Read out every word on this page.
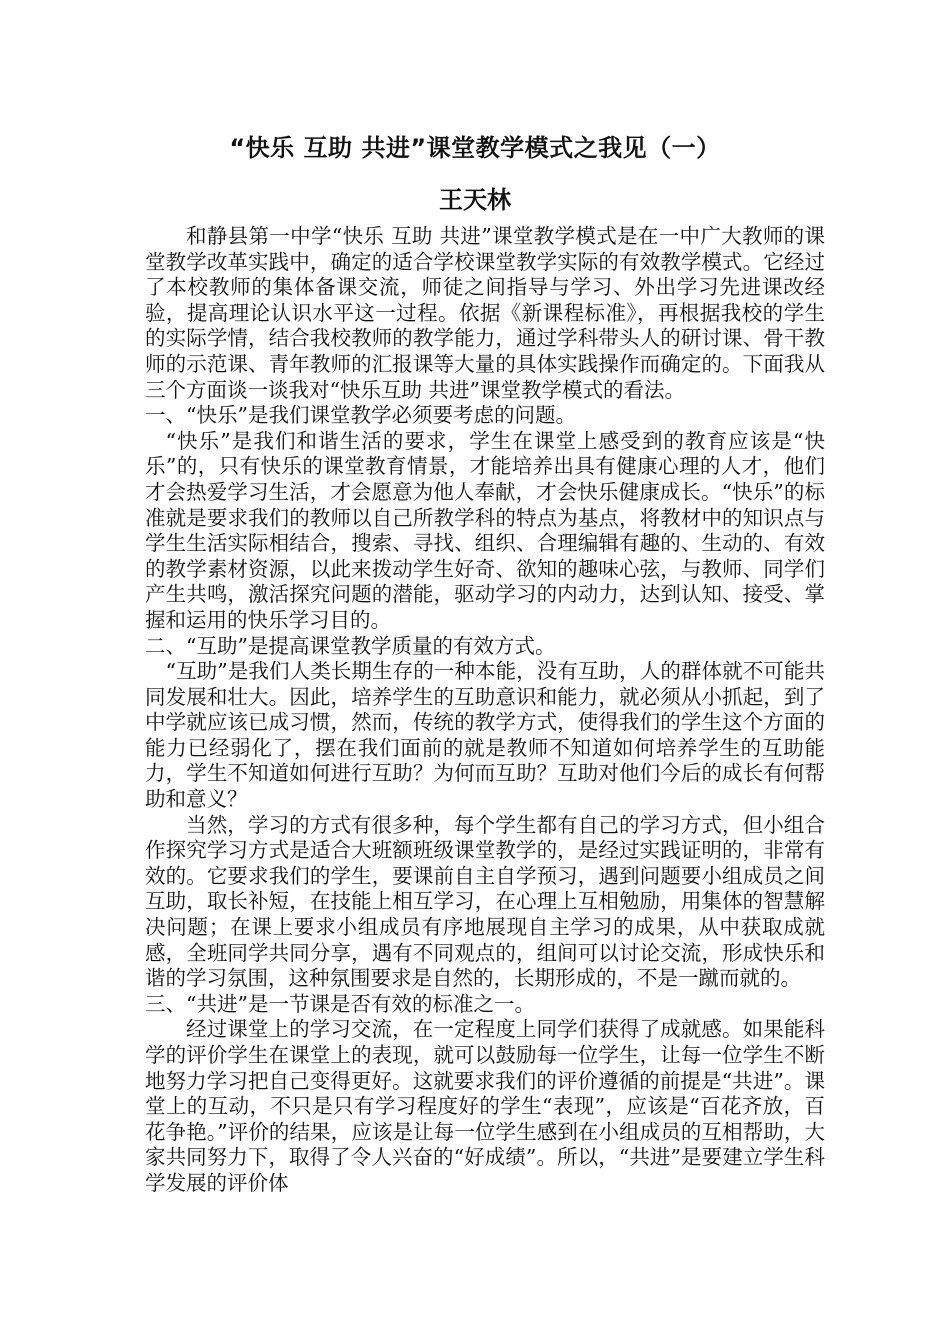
“快乐 互助 共进”课堂教学模式之我见（一）
王天林

和静县第一中学“快乐 互助 共进”课堂教学模式是在一中广大教师的课堂教学改革实践中，确定的适合学校课堂教学实际的有效教学模式。它经过了本校教师的集体备课交流，师徒之间指导与学习、外出学习先进课改经验，提高理论认识水平这一过程。依据《新课程标准》，再根据我校的学生的实际学情，结合我校教师的教学能力，通过学科带头人的研讨课、骨干教师的示范课、青年教师的汇报课等大量的具体实践操作而确定的。下面我从三个方面谈一谈我对“快乐互助 共进”课堂教学模式的看法。

一、“快乐”是我们课堂教学必须要考虑的问题。

“快乐”是我们和谐生活的要求，学生在课堂上感受到的教育应该是“快乐”的，只有快乐的课堂教育情景，才能培养出具有健康心理的人才，他们才会热爱学习生活，才会愿意为他人奉献，才会快乐健康成长。“快乐”的标准就是要求我们的教师以自己所教学科的特点为基点，将教材中的知识点与学生生活实际相结合，搜索、寻找、组织、合理编辑有趣的、生动的、有效的教学素材资源，以此来拨动学生好奇、欲知的趣味心弦，与教师、同学们产生共鸣，激活探究问题的潜能，驱动学习的内动力，达到认知、接受、掌握和运用的快乐学习目的。

二、“互助”是提高课堂教学质量的有效方式。

“互助”是我们人类长期生存的一种本能，没有互助，人的群体就不可能共同发展和壮大。因此，培养学生的互助意识和能力，就必须从小抓起，到了中学就应该已成习惯，然而，传统的教学方式，使得我们的学生这个方面的能力已经弱化了，摆在我们面前的就是教师不知道如何培养学生的互助能力，学生不知道如何进行互助？为何而互助？互助对他们今后的成长有何帮助和意义？

当然，学习的方式有很多种，每个学生都有自己的学习方式，但小组合作探究学习方式是适合大班额班级课堂教学的，是经过实践证明的，非常有效的。它要求我们的学生，要课前自主自学预习，遇到问题要小组成员之间互助，取长补短，在技能上相互学习，在心理上互相勉励，用集体的智慧解决问题；在课上要求小组成员有序地展现自主学习的成果，从中获取成就感，全班同学共同分享，遇有不同观点的，组间可以讨论交流，形成快乐和谐的学习氛围，这种氛围要求是自然的，长期形成的，不是一蹴而就的。

三、“共进”是一节课是否有效的标准之一。

经过课堂上的学习交流，在一定程度上同学们获得了成就感。如果能科学的评价学生在课堂上的表现，就可以鼓励每一位学生，让每一位学生不断地努力学习把自己变得更好。这就要求我们的评价遵循的前提是“共进”。课堂上的互动，不只是只有学习程度好的学生“表现”，应该是“百花齐放，百花争艳。”评价的结果，应该是让每一位学生感到在小组成员的互相帮助，大家共同努力下，取得了令人兴奋的“好成绩”。所以，“共进”是要建立学生科学发展的评价体
